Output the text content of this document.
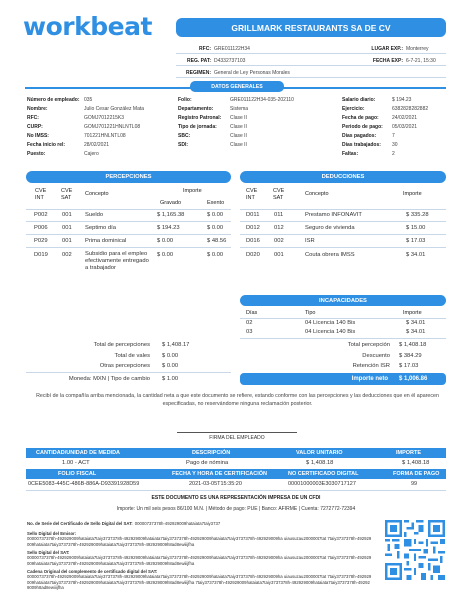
workbeat	GRILLMARK RESTAURANTS SA DE CV
RFC: GRE011122H34
REG. PAT: D4332737103
REGIMEN: General de Ley Personas Morales
LUGAR EXP.: Monterrey
FECHA EXP: 6-7-21, 15:30
DATOS GENERALES
Número de empleado: 035
Nombre:	Julio Cesar González Mata
RFC:	GOMJ7012215K3
CURP:	GOMJ701221HNLNTL08
No IMSS:	701221HNLNTL08
Fecha inicio rel:	28/02/2021
Puesto:	Cajero
Folio:	GRE011122H34-035-202110
Departamento:	Sistema
Registro Patronal:	Clase II
Tipo de jornada:	Clase II
SBC:	Clase II
SDI:	Clase II
Salario diario:	$ 194.23
Ejercicio:	6382828282882
Fecha de pago:	24/02/2021
Periodo de pago:	05/03/2021
Dias pagados:	7
Dias trabajados:	30
Faltas:	2
PERCEPCIONES
CVE INT
CVE SAT
Concepto	Importe
Gravado	Exento
P002 001 Sueldo	$ 1,165.38	$ 0.00
P006 001 Septimo día	$ 194.23	$ 0.00
P029 001 Prima dominical	$ 0.00	$ 48.56
D019 002 Subsidio para el empleo efectivamente entregado a trabajador
$ 0.00	$ 0.00
DEDUCCIONES
CVE INT
CVE SAT
Concepto	Importe
D011	011	Prestamo INFONAVIT	$ 335.28
D012 012	Seguro de vivienda	$ 15.00
D016 002	ISR	$ 17.03
D020 001	Couta obrera IMSS	$ 34.01
INCAPACIDADES
Días	Tipo	Importe
02	04 Licencia 140 Bis	$ 34.01
03	04 Licencia 140 Bis	$ 34.01
Total de percepciones $ 1,408.17
Total de vales $ 0.00
Otras percepciones $ 0.00
Moneda: MXN | Tipo de cambio $ 1.00
Total percepción $ 1,408.18
Descuento $ 384.29
Retención ISR $ 17.03
Importe neto $ 1,006.86
Recibí de la compañía arriba mencionada, la cantidad neta a que este documento se refiere, estando conforme con las percepciones y las deducciones que en él aparecen especificadas, no reservándome ninguna reclamación posterior.
FIRMA DEL EMPLEADO
CANTIDAD/UNIDAD DE MEDIDA	DESCRIPCIÓN	VALOR UNITARIO	IMPORTE
1.00 - ACT	Pago de nómina	$ 1,408.18	$ 1,408.18
FOLIO FISCAL	FECHA Y HORA DE CERTIFICACIÓN	NO CERTIFICADO DIGITAL	FORMA DE PAGO
0CEE5083-445C-486B-886A-D93391928D59	2021-03-05T15:35:20	00001000003E3030717127	99
ESTE DOCUMENTO ES UNA REPRESENTACIÓN IMPRESA DE UN CFDI
Importe: Un mil seis pesos 86/100 M.N. | Método de pago: PUE | Banco: AFIRME | Cuenta: 7272772-72394
No. de Serie del Certificado de Sello Digital del SAT: 00000737378h-492929009hataiata7taiy3737
Sello Digital del Emisor:
00000737378h-492929009hataiata7taiy3737378h-492929009hataiata7taiy3737378h-492929009hataiata7taiy3737378h-492929009ha uiausuzau200000t7tat 7taiy3737378h-492929009hataiata7taiy3737378h-492929009hataiata7taiy3737378h-492929009h8ad8ewiiijfha
Sello Digital del SAT:
00000737378h-492929009hataiata7taiy3737378h-492929009hataiata7taiy3737378h-492929009hataiata7taiy3737378h-492929009ha uiausuzau200000t7tat 7taiy3737378h-492929009hataiata7taiy3737378h-492929009hataiata7taiy3737378h-492929009h8ad8ewiiijfha
Cadena Original del complemento de certificado digital del SAT:
00000737378h-492929009hataiata7taiy3737378h-492929009hataiata7taiy3737378h-492929009hataiata7taiy3737378h-492929009ha uiausuzau200000t7tat 7taiy3737378h-492929009hataiata7taiy3737378h-492929009hataiata7taiy3737378h-492929009h8ad8ewiiijfha 7taiy3737378h-492929009hataiata7taiy3737378h-492929009hataiata7taiy3737378h-492929009h8ad8ewiiijfha
